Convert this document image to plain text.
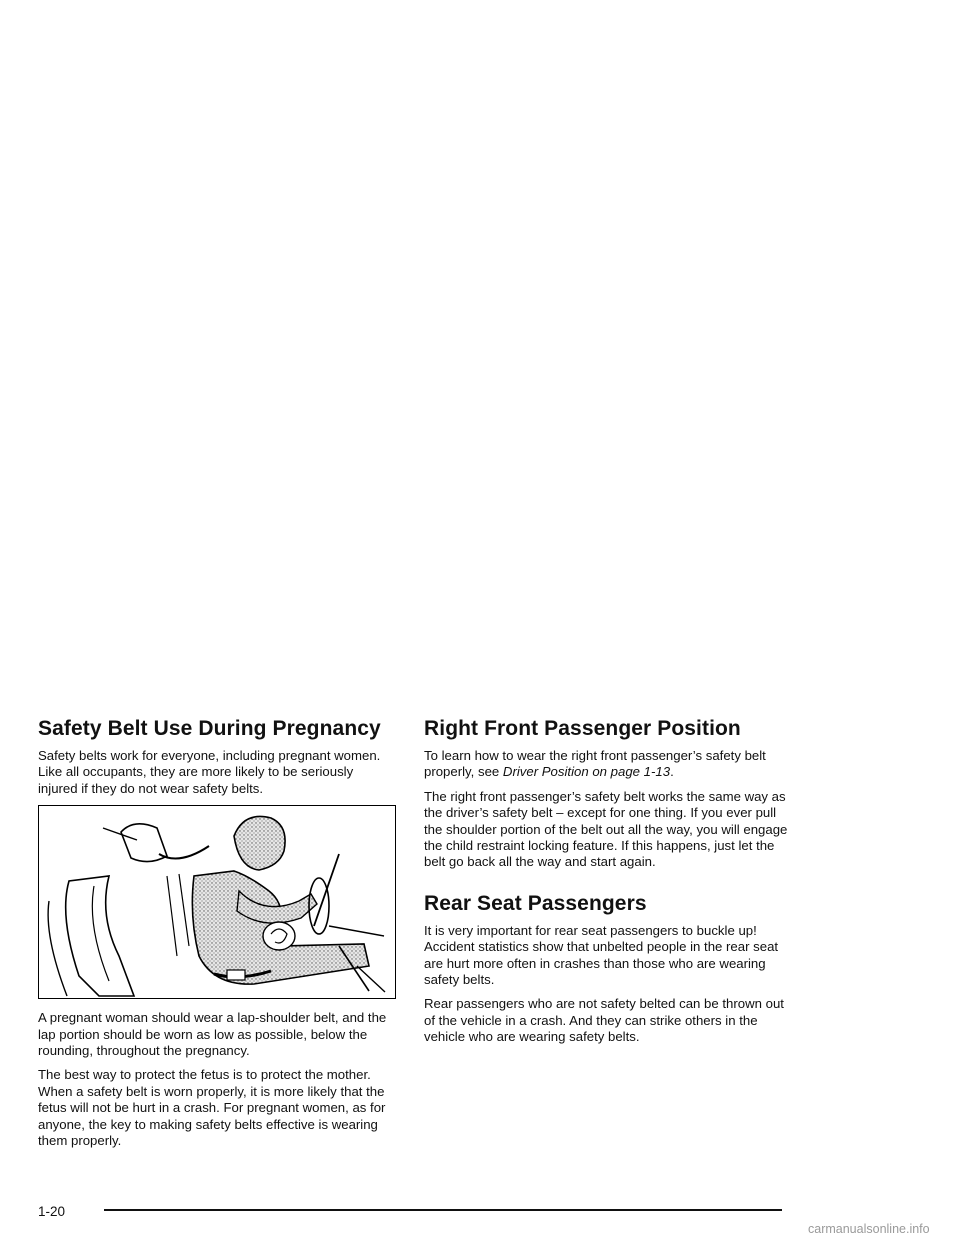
Safety Belt Use During Pregnancy

Safety belts work for everyone, including pregnant women. Like all occupants, they are more likely to be seriously injured if they do not wear safety belts.

A pregnant woman should wear a lap-shoulder belt, and the lap portion should be worn as low as possible, below the rounding, throughout the pregnancy.

The best way to protect the fetus is to protect the mother. When a safety belt is worn properly, it is more likely that the fetus will not be hurt in a crash. For pregnant women, as for anyone, the key to making safety belts effective is wearing them properly.

Right Front Passenger Position

To learn how to wear the right front passenger’s safety belt properly, see Driver Position on page 1-13.

The right front passenger’s safety belt works the same way as the driver’s safety belt – except for one thing. If you ever pull the shoulder portion of the belt out all the way, you will engage the child restraint locking feature. If this happens, just let the belt go back all the way and start again.

Rear Seat Passengers

It is very important for rear seat passengers to buckle up! Accident statistics show that unbelted people in the rear seat are hurt more often in crashes than those who are wearing safety belts.

Rear passengers who are not safety belted can be thrown out of the vehicle in a crash. And they can strike others in the vehicle who are wearing safety belts.

1-20
carmanualsonline.info
